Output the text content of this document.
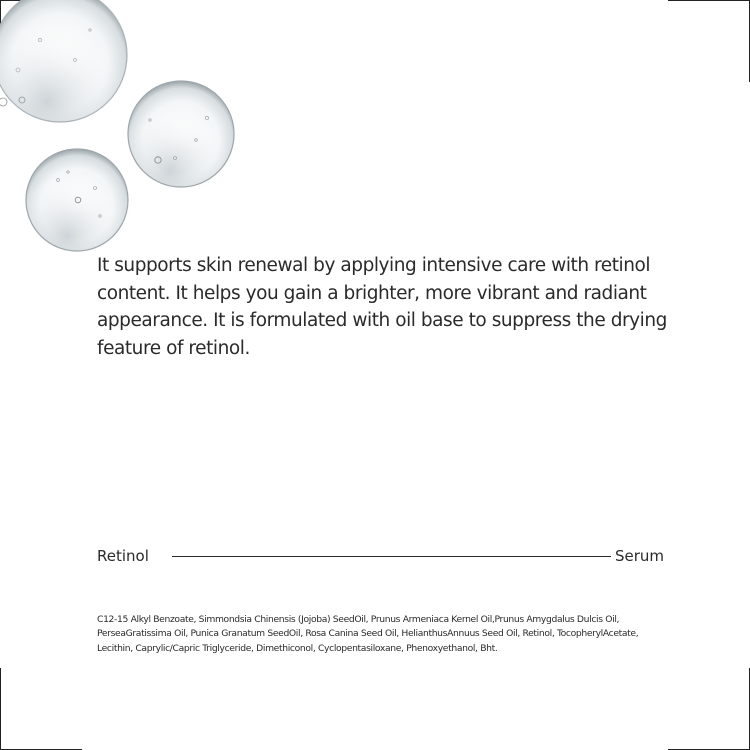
It supports skin renewal by applying intensive care with retinol content. It helps you gain a brighter, more vibrant and radiant appearance. It is formulated with oil base to suppress the drying feature of retinol.

Retinol	Serum

C12-15 Alkyl Benzoate, Simmondsia Chinensis (Jojoba) SeedOil, Prunus Armeniaca Kernel Oil,Prunus Amygdalus Dulcis Oil, PerseaGratissima Oil, Punica Granatum SeedOil, Rosa Canina Seed Oil, HelianthusAnnuus Seed Oil, Retinol, TocopherylAcetate, Lecithin, Caprylic/Capric Triglyceride, Dimethiconol, Cyclopentasiloxane, Phenoxyethanol, Bht.
